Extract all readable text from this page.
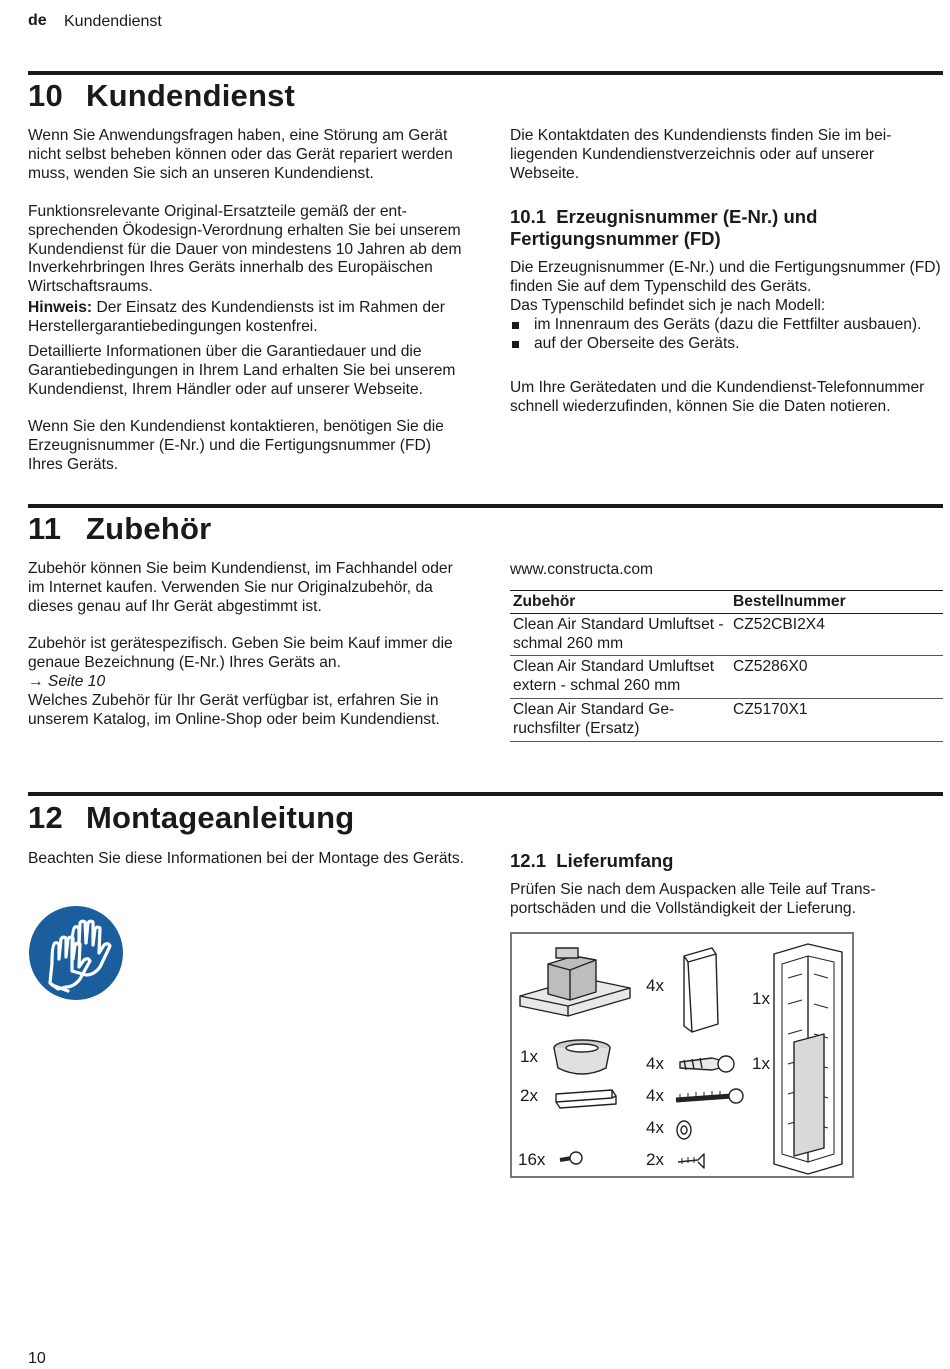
de Kundendienst
10 Kundendienst

Wenn Sie Anwendungsfragen haben, eine Störung am Gerät nicht selbst beheben können oder das Gerät repariert werden muss, wenden Sie sich an unseren Kundendienst.

Funktionsrelevante Original-Ersatzteile gemäß der entsprechenden Ökodesign-Verordnung erhalten Sie bei unserem Kundendienst für die Dauer von mindestens 10 Jahren ab dem Inverkehrbringen Ihres Geräts innerhalb des Europäischen Wirtschaftsraums.

Hinweis: Der Einsatz des Kundendiensts ist im Rahmen der Herstellergarantiebedingungen kostenfrei.

Detaillierte Informationen über die Garantiedauer und die Garantiebedingungen in Ihrem Land erhalten Sie bei unserem Kundendienst, Ihrem Händler oder auf unserer Webseite.

Wenn Sie den Kundendienst kontaktieren, benötigen Sie die Erzeugnisnummer (E-Nr.) und die Fertigungsnummer (FD) Ihres Geräts.

Die Kontaktdaten des Kundendiensts finden Sie im beiliegenden Kundendienstverzeichnis oder auf unserer Webseite.

10.1 Erzeugnisnummer (E-Nr.) und
Fertigungsnummer (FD)

Die Erzeugnisnummer (E-Nr.) und die Fertigungsnummer (FD) finden Sie auf dem Typenschild des Geräts.

Das Typenschild befindet sich je nach Modell:

im Innenraum des Geräts (dazu die Fettfilter ausbauen).
auf der Oberseite des Geräts.

Um Ihre Gerätedaten und die Kundendienst-Telefonnummer schnell wiederzufinden, können Sie die Daten notieren.

11 Zubehör

Zubehör können Sie beim Kundendienst, im Fachhandel oder im Internet kaufen. Verwenden Sie nur Originalzubehör, da dieses genau auf Ihr Gerät abgestimmt ist.

Zubehör ist gerätespezifisch. Geben Sie beim Kauf immer die genaue Bezeichnung (E-Nr.) Ihres Geräts an.

→ Seite 10

Welches Zubehör für Ihr Gerät verfügbar ist, erfahren Sie in unserem Katalog, im Online-Shop oder beim Kundendienst.

www.constructa.com

Zubehör	Bestellnummer
Clean Air Standard Umluftset - schmal 260 mm	CZ52CBI2X4
Clean Air Standard Umluftset extern - schmal 260 mm	CZ5286X0
Clean Air Standard Geruchsfilter (Ersatz)	CZ5170X1
12 Montageanleitung

Beachten Sie diese Informationen bei der Montage des Geräts. 12.1 Lieferumfang

Prüfen Sie nach dem Auspacken alle Teile auf Transportschäden und die Vollständigkeit der Lieferung.

4x
1x
1x	4x	1x
2x	4x
4x
16x	2x
10
